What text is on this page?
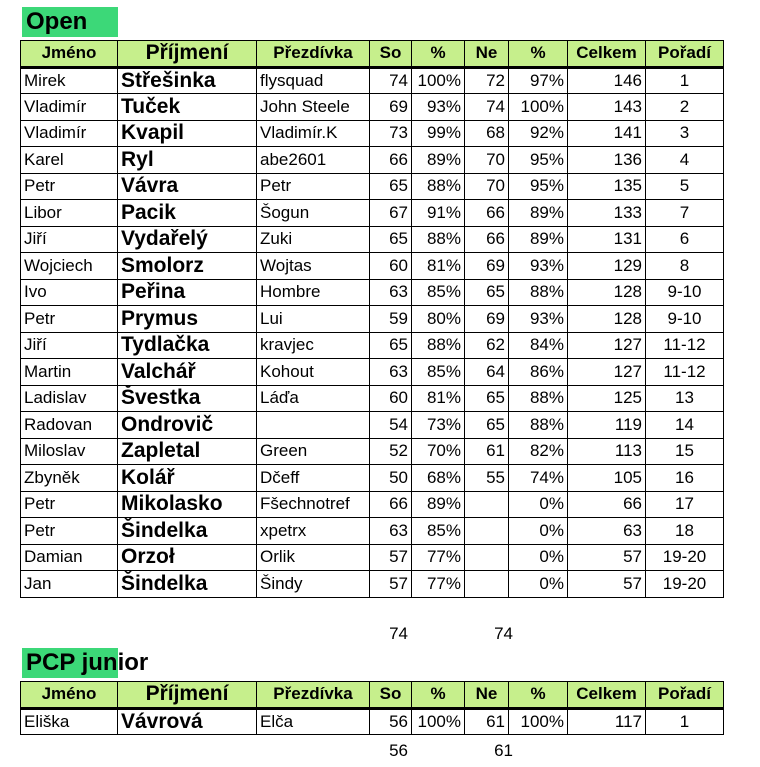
Open
Jméno	Příjmení	Přezdívka	So	%	Ne	%	Celkem	Pořadí
Mirek	Střešinka	flysquad	74	100%	72	97%	146	1
Vladimír	Tuček	John Steele	69	93%	74	100%	143	2
Vladimír	Kvapil	Vladimír.K	73	99%	68	92%	141	3
Karel	Ryl	abe2601	66	89%	70	95%	136	4
Petr	Vávra	Petr	65	88%	70	95%	135	5
Libor	Pacik	Šogun	67	91%	66	89%	133	7
Jiří	Vydařelý	Zuki	65	88%	66	89%	131	6
Wojciech	Smolorz	Wojtas	60	81%	69	93%	129	8
Ivo	Peřina	Hombre	63	85%	65	88%	128	9-10
Petr	Prymus	Lui	59	80%	69	93%	128	9-10
Jiří	Tydlačka	kravjec	65	88%	62	84%	127	11-12
Martin	Valchář	Kohout	63	85%	64	86%	127	11-12
Ladislav	Švestka	Láďa	60	81%	65	88%	125	13
Radovan	Ondrovič		54	73%	65	88%	119	14
Miloslav	Zapletal	Green	52	70%	61	82%	113	15
Zbyněk	Kolář	Dčeff	50	68%	55	74%	105	16
Petr	Mikolasko	Fšechnotref	66	89%		0%	66	17
Petr	Šindelka	xpetrx	63	85%		0%	63	18
Damian	Orzoł	Orlik	57	77%		0%	57	19-20
Jan	Šindelka	Šindy	57	77%		0%	57	19-20
74	74
PCP junior
Jméno	Příjmení	Přezdívka	So	%	Ne	%	Celkem	Pořadí
Eliška	Vávrová	Elča	56	100%	61	100%	117	1
56	61
